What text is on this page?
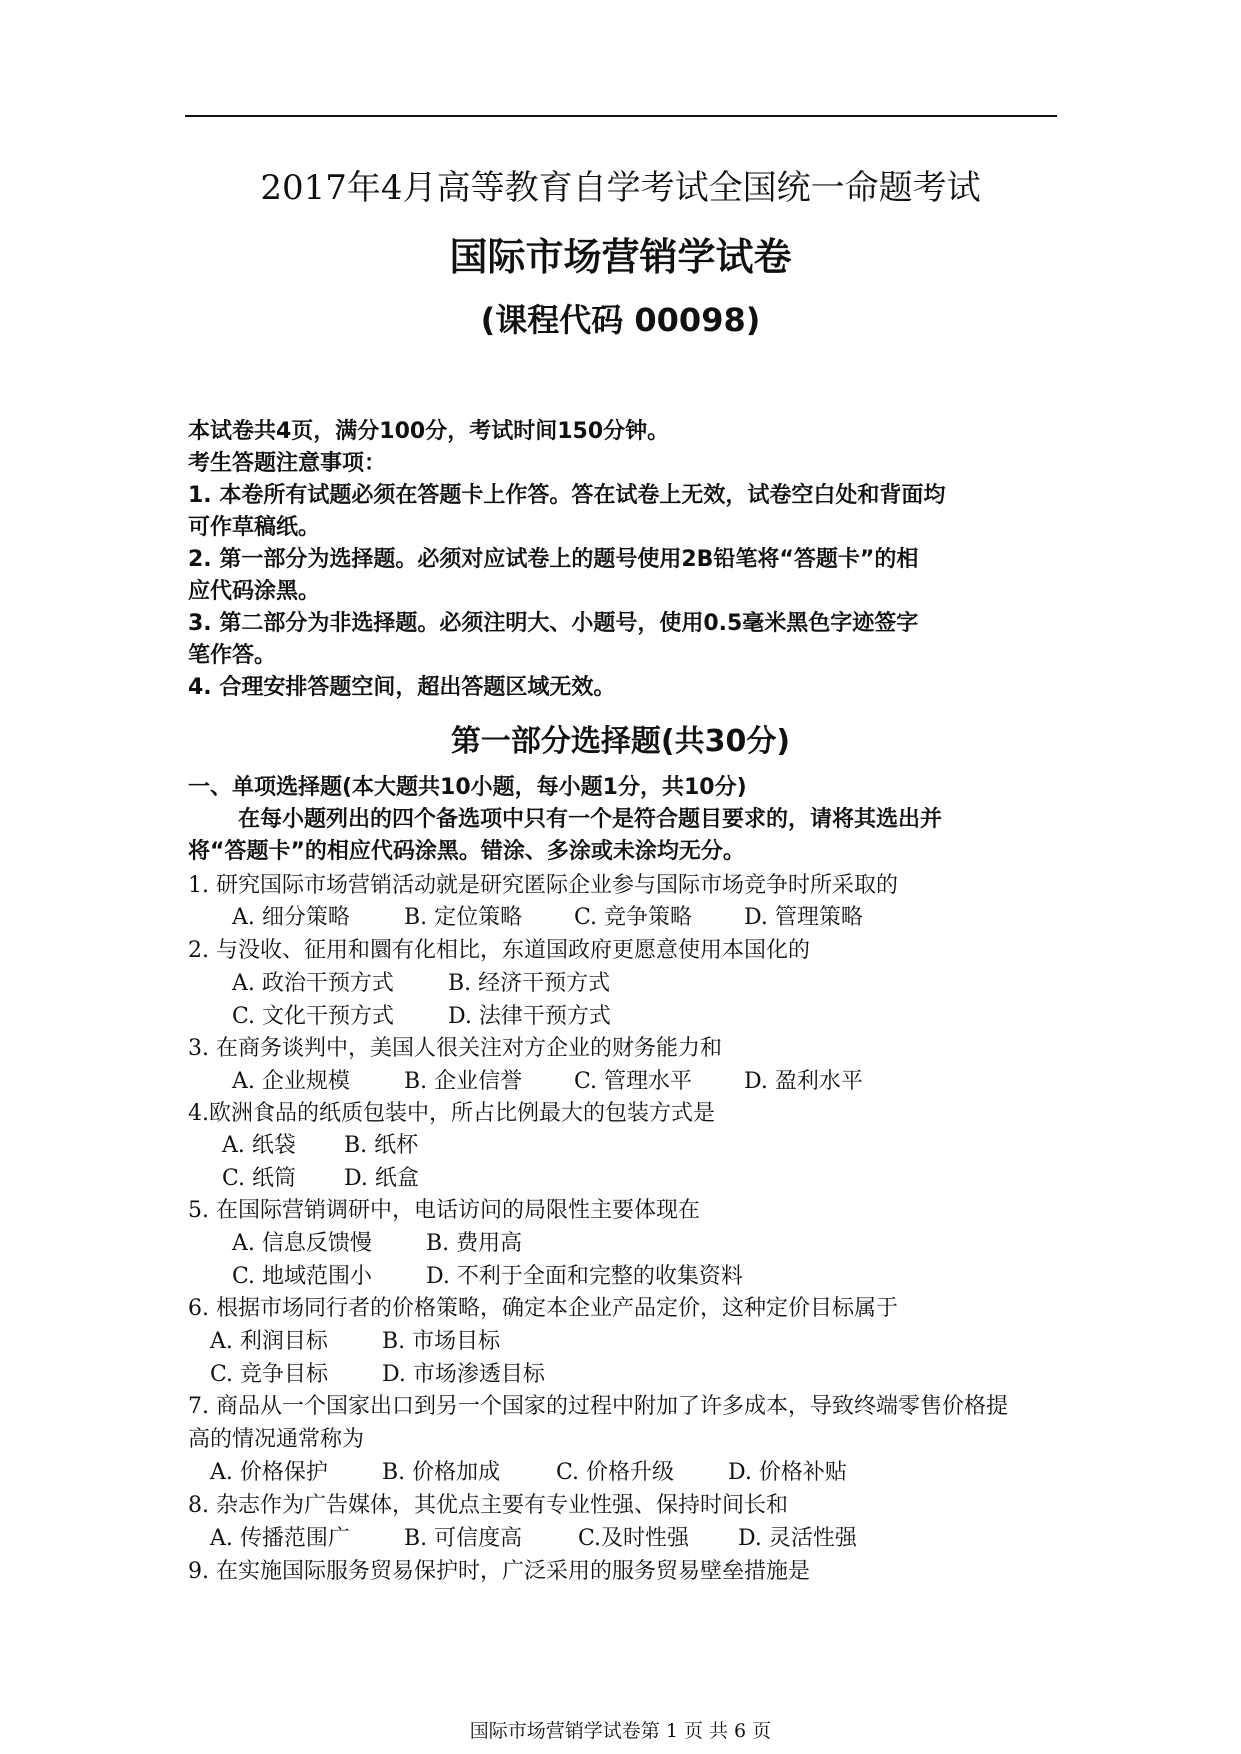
2017年4月高等教育自学考试全国统一命题考试
国际市场营销学试卷
(课程代码 00098)
本试卷共4页，满分100分，考试时间150分钟。
考生答题注意事项：
1. 本卷所有试题必须在答题卡上作答。答在试卷上无效，试卷空白处和背面均
可作草稿纸。
2. 第一部分为选择题。必须对应试卷上的题号使用2B铅笔将“答题卡”的相
应代码涂黑。
3. 第二部分为非选择题。必须注明大、小题号，使用0.5毫米黑色字迹签字
笔作答。
4. 合理安排答题空间，超出答题区域无效。
第一部分选择题(共30分)
一、单项选择题(本大题共10小题，每小题1分，共10分)
在每小题列出的四个备选项中只有一个是符合题目要求的，请将其选出并
将“答题卡”的相应代码涂黑。错涂、多涂或未涂均无分。
1. 研究国际市场营销活动就是研究匿际企业参与国际市场竞争时所采取的
A. 细分策略 B. 定位策略 C. 竞争策略 D. 管理策略
2. 与没收、征用和圜有化相比，东道国政府更愿意使用本国化的
A. 政治干预方式 B. 经济干预方式
C. 文化干预方式 D. 法律干预方式
3. 在商务谈判中，美国人很关注对方企业的财务能力和
A. 企业规模 B. 企业信誉 C. 管理水平 D. 盈利水平
4.欧洲食品的纸质包装中，所占比例最大的包装方式是
A. 纸袋 B. 纸杯
C. 纸筒 D. 纸盒
5. 在国际营销调研中，电话访问的局限性主要体现在
A. 信息反馈慢 B. 费用高
C. 地域范围小 D. 不利于全面和完整的收集资料
6. 根据市场同行者的价格策略，确定本企业产品定价，这种定价目标属于
A. 利润目标 B. 市场目标
C. 竞争目标 D. 市场渗透目标
7. 商品从一个国家出口到另一个国家的过程中附加了许多成本，导致终端零售价格提
高的情况通常称为
A. 价格保护 B. 价格加成	C. 价格升级 D. 价格补贴
8. 杂志作为广告媒体，其优点主要有专业性强、保持时间长和
A. 传播范围广 B. 可信度高	C.及时性强 D. 灵活性强
9. 在实施国际服务贸易保护时，广泛采用的服务贸易壁垒措施是
国际市场营销学试卷第 1 页 共 6 页
